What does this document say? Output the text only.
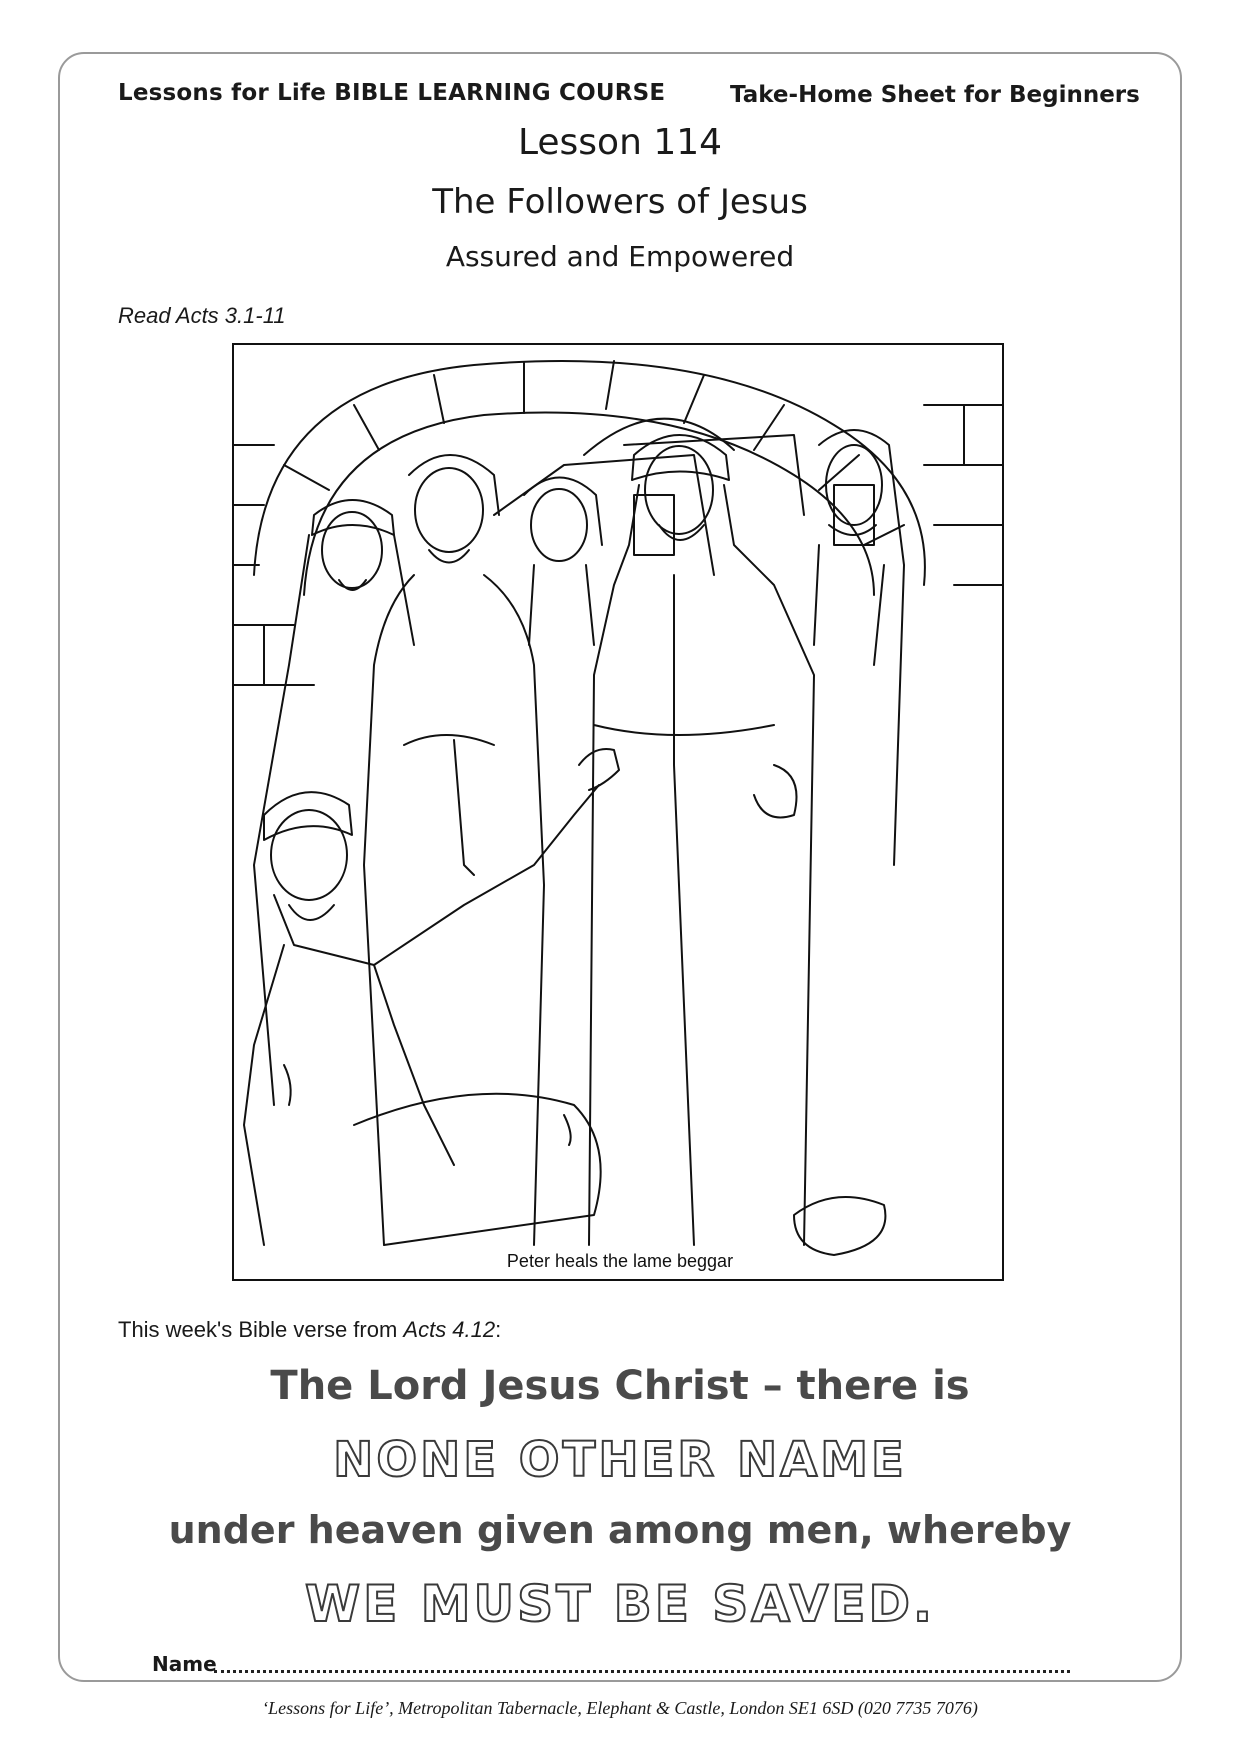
Lessons for Life BIBLE LEARNING COURSE	Take-Home Sheet for Beginners
Lesson 114
The Followers of Jesus
Assured and Empowered
Read Acts 3.1-11
Peter heals the lame beggar
This week's Bible verse from Acts 4.12:
The Lord Jesus Christ – there is
NONE OTHER NAME
under heaven given among men, whereby
WE MUST BE SAVED.
Name
‘Lessons for Life’, Metropolitan Tabernacle, Elephant & Castle, London SE1 6SD (020 7735 7076)
